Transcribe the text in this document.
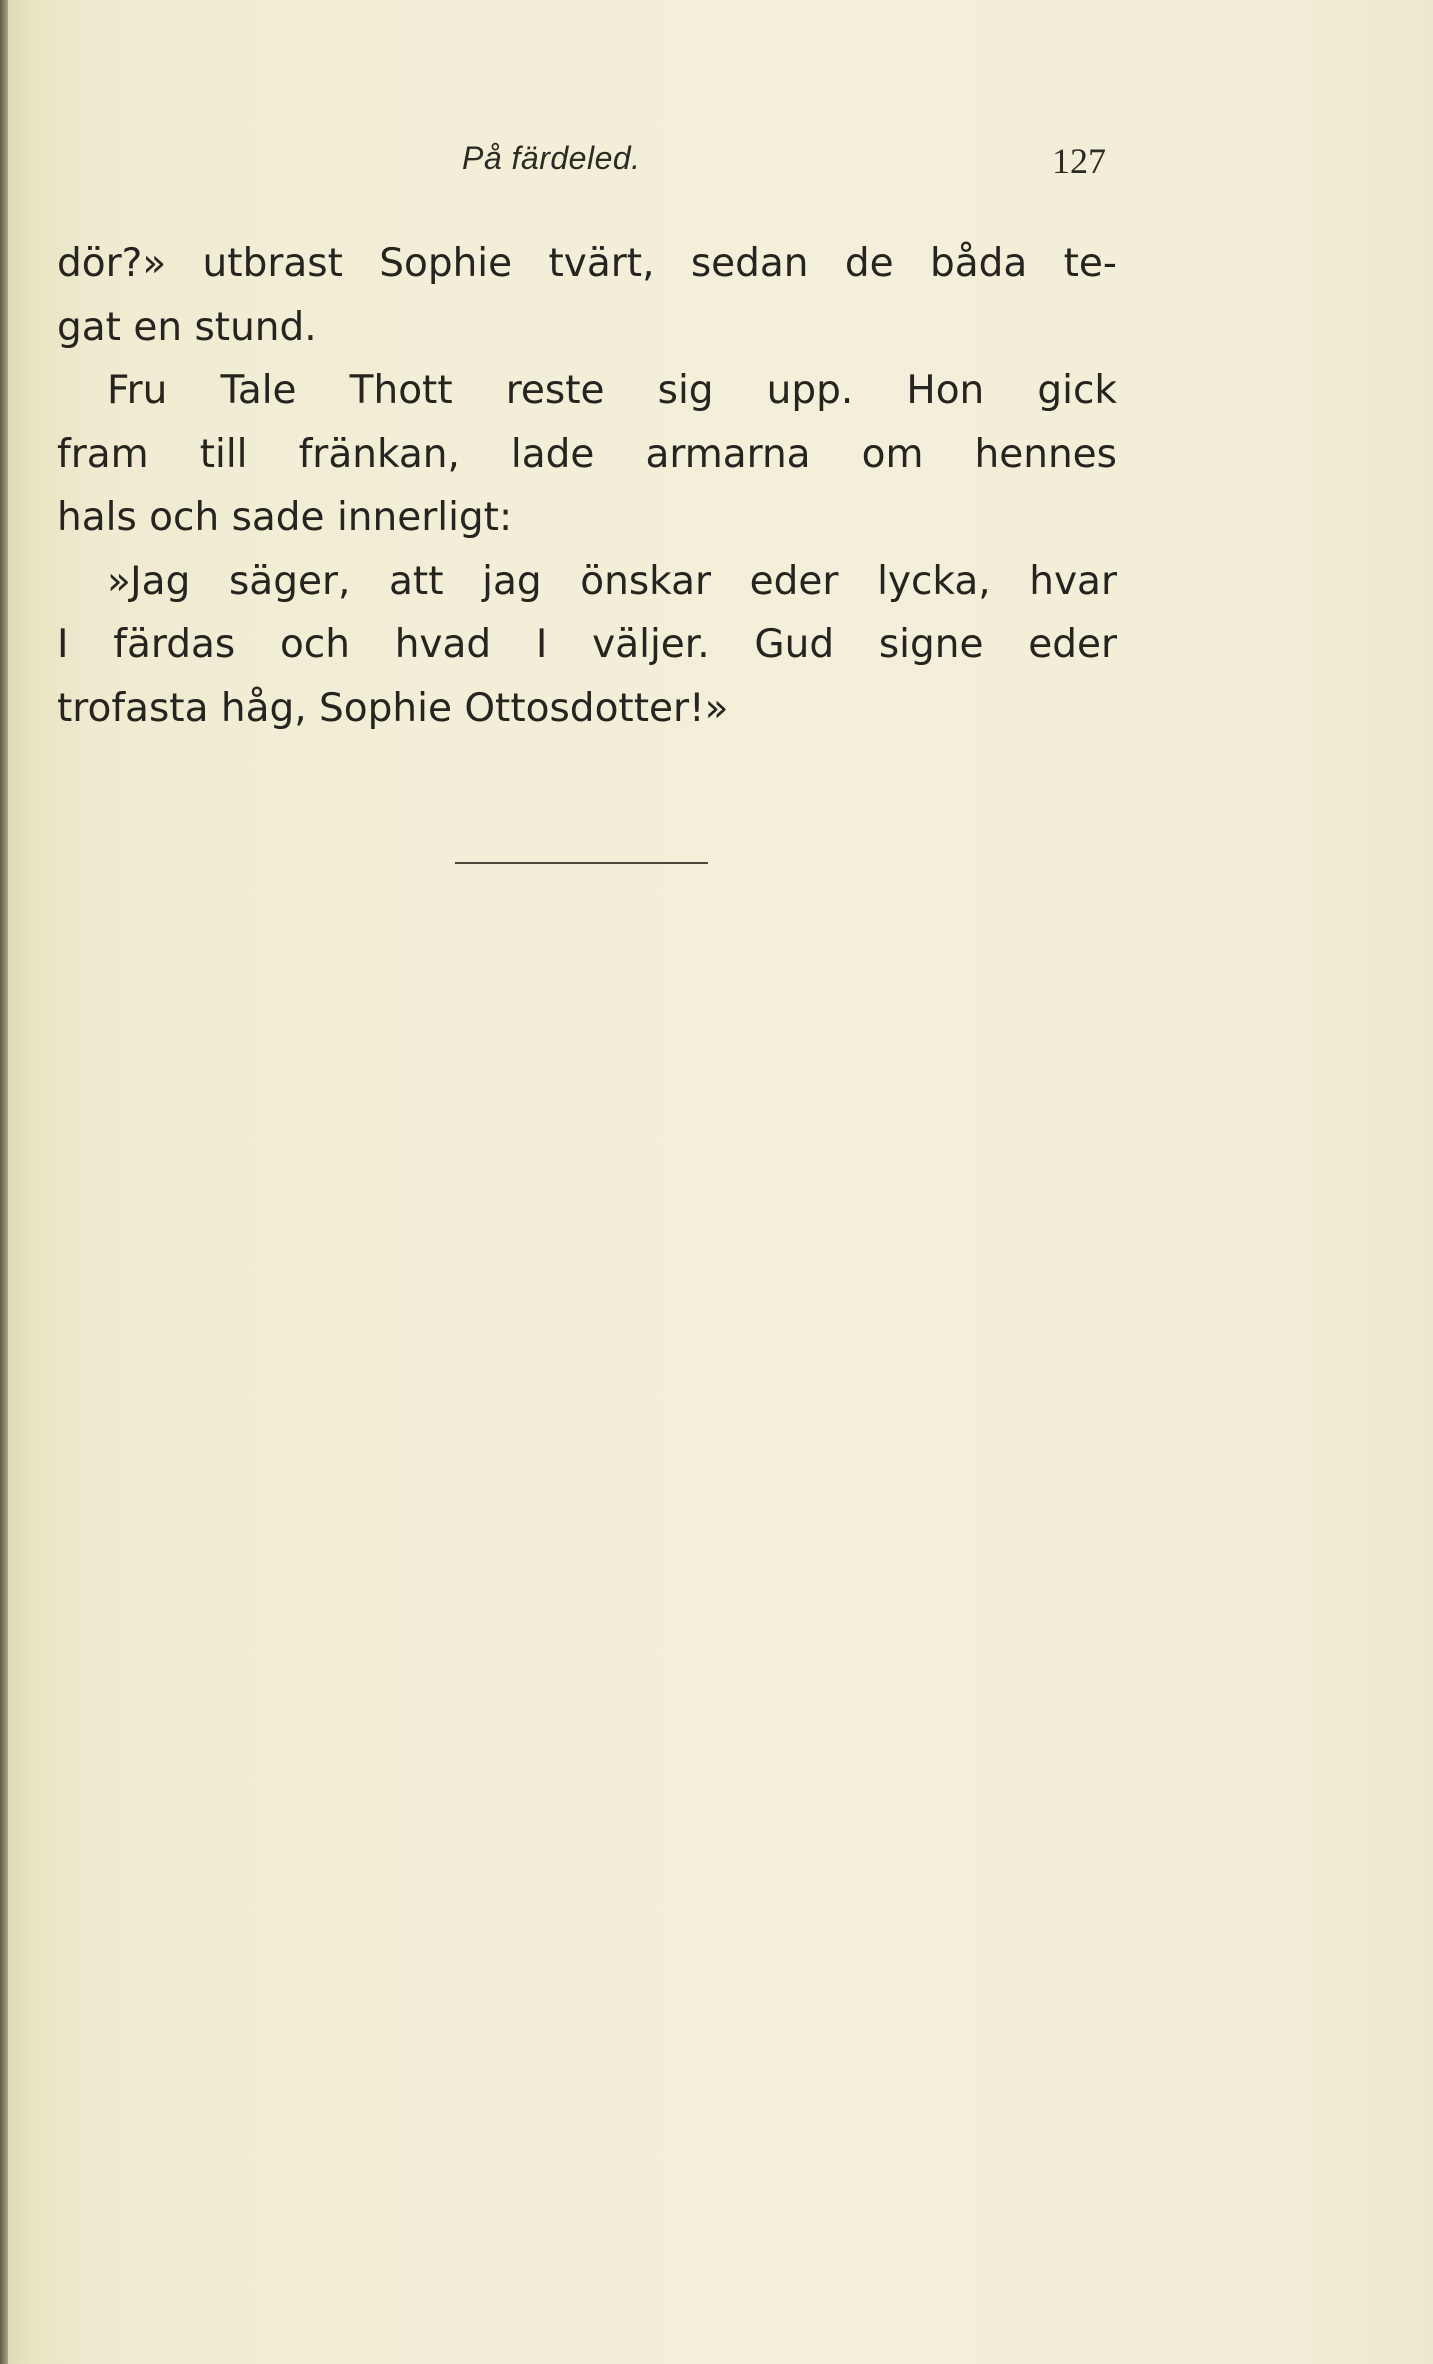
På färdeled.	127
dör?» utbrast Sophie tvärt, sedan de båda te-
gat en stund.
Fru Tale Thott reste sig upp. Hon gick
fram till fränkan, lade armarna om hennes
hals och sade innerligt:
»Jag säger, att jag önskar eder lycka, hvar
I färdas och hvad I väljer. Gud signe eder
trofasta håg, Sophie Ottosdotter!»
